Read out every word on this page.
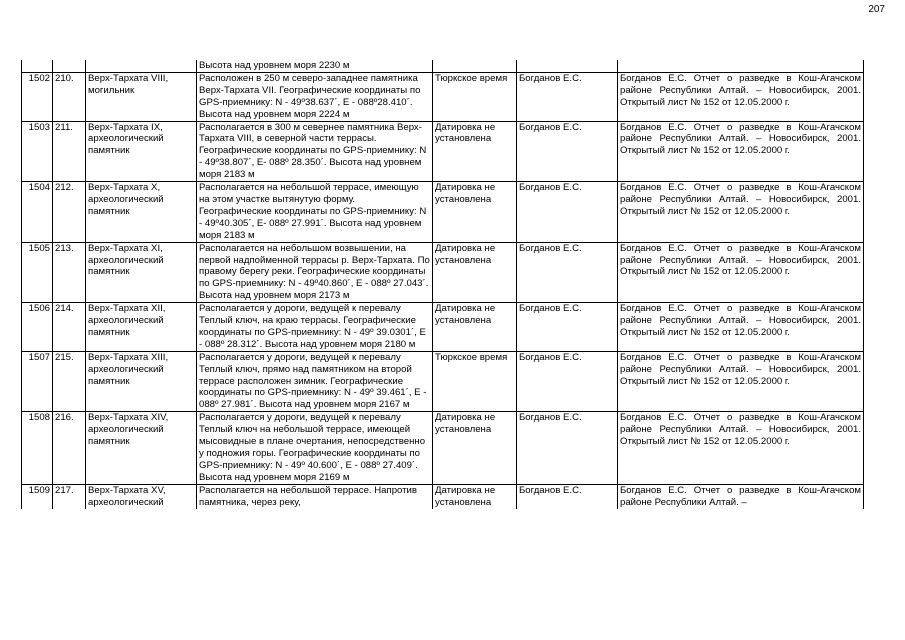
207
			Высота над уровнем моря 2230 м			
1502	210.	Верх-Тархата VIII, могильник	Расположен в 250 м северо-западнее памятника Верх-Тархата VII. Географические координаты по GPS-приемнику: N - 49º38.637´, E - 088º28.410´. Высота над уровнем моря 2224 м	Тюркское время	Богданов Е.С.	Богданов Е.С. Отчет о разведке в Кош-Агачском районе Республики Алтай. – Новосибирск, 2001. Открытый лист № 152 от 12.05.2000 г.
1503	211.	Верх-Тархата IX, археологический памятник	Располагается в 300 м севернее памятника Верх-Тархата VIII, в северной части террасы. Географические координаты по GPS-приемнику: N - 49º38.807´, E- 088º 28.350´. Высота над уровнем моря 2183 м	Датировка не установлена	Богданов Е.С.	Богданов Е.С. Отчет о разведке в Кош-Агачском районе Республики Алтай. – Новосибирск, 2001. Открытый лист № 152 от 12.05.2000 г.
1504	212.	Верх-Тархата X, археологический памятник	Располагается на небольшой террасе, имеющую на этом участке вытянутую форму. Географические координаты по GPS-приемнику: N - 49º40.305´, E- 088º 27.991´. Высота над уровнем моря 2183 м	Датировка не установлена	Богданов Е.С.	Богданов Е.С. Отчет о разведке в Кош-Агачском районе Республики Алтай. – Новосибирск, 2001. Открытый лист № 152 от 12.05.2000 г.
1505	213.	Верх-Тархата XI, археологический памятник	Располагается на небольшом возвышении, на первой надпойменной террасы р. Верх-Тархата. По правому берегу реки. Географические координаты по GPS-приемнику: N - 49º40.860´, E - 088º 27.043´. Высота над уровнем моря 2173 м	Датировка не установлена	Богданов Е.С.	Богданов Е.С. Отчет о разведке в Кош-Агачском районе Республики Алтай. – Новосибирск, 2001. Открытый лист № 152 от 12.05.2000 г.
1506	214.	Верх-Тархата XII, археологический памятник	Располагается у дороги, ведущей к перевалу Теплый ключ, на краю террасы. Географические координаты по GPS-приемнику: N - 49º 39.0301´, E - 088º 28.312´. Высота над уровнем моря 2180 м	Датировка не установлена	Богданов Е.С.	Богданов Е.С. Отчет о разведке в Кош-Агачском районе Республики Алтай. – Новосибирск, 2001. Открытый лист № 152 от 12.05.2000 г.
1507	215.	Верх-Тархата XIII, археологический памятник	Располагается у дороги, ведущей к перевалу Теплый ключ, прямо над памятником на второй террасе расположен зимник. Географические координаты по GPS-приемнику: N - 49º 39.461´, E - 088º 27.981´. Высота над уровнем моря 2167 м	Тюркское время	Богданов Е.С.	Богданов Е.С. Отчет о разведке в Кош-Агачском районе Республики Алтай. – Новосибирск, 2001. Открытый лист № 152 от 12.05.2000 г.
1508	216.	Верх-Тархата XIV, археологический памятник	Располагается у дороги, ведущей к перевалу Теплый ключ на небольшой террасе, имеющей мысовидные в плане очертания, непосредственно у подножия горы. Географические координаты по GPS-приемнику: N - 49º 40.600´, E - 088º 27.409´. Высота над уровнем моря 2169 м	Датировка не установлена	Богданов Е.С.	Богданов Е.С. Отчет о разведке в Кош-Агачском районе Республики Алтай. – Новосибирск, 2001. Открытый лист № 152 от 12.05.2000 г.
1509	217.	Верх-Тархата XV, археологический	Располагается на небольшой террасе. Напротив памятника, через реку,	Датировка не установлена	Богданов Е.С.	Богданов Е.С. Отчет о разведке в Кош-Агачском районе Республики Алтай. –
